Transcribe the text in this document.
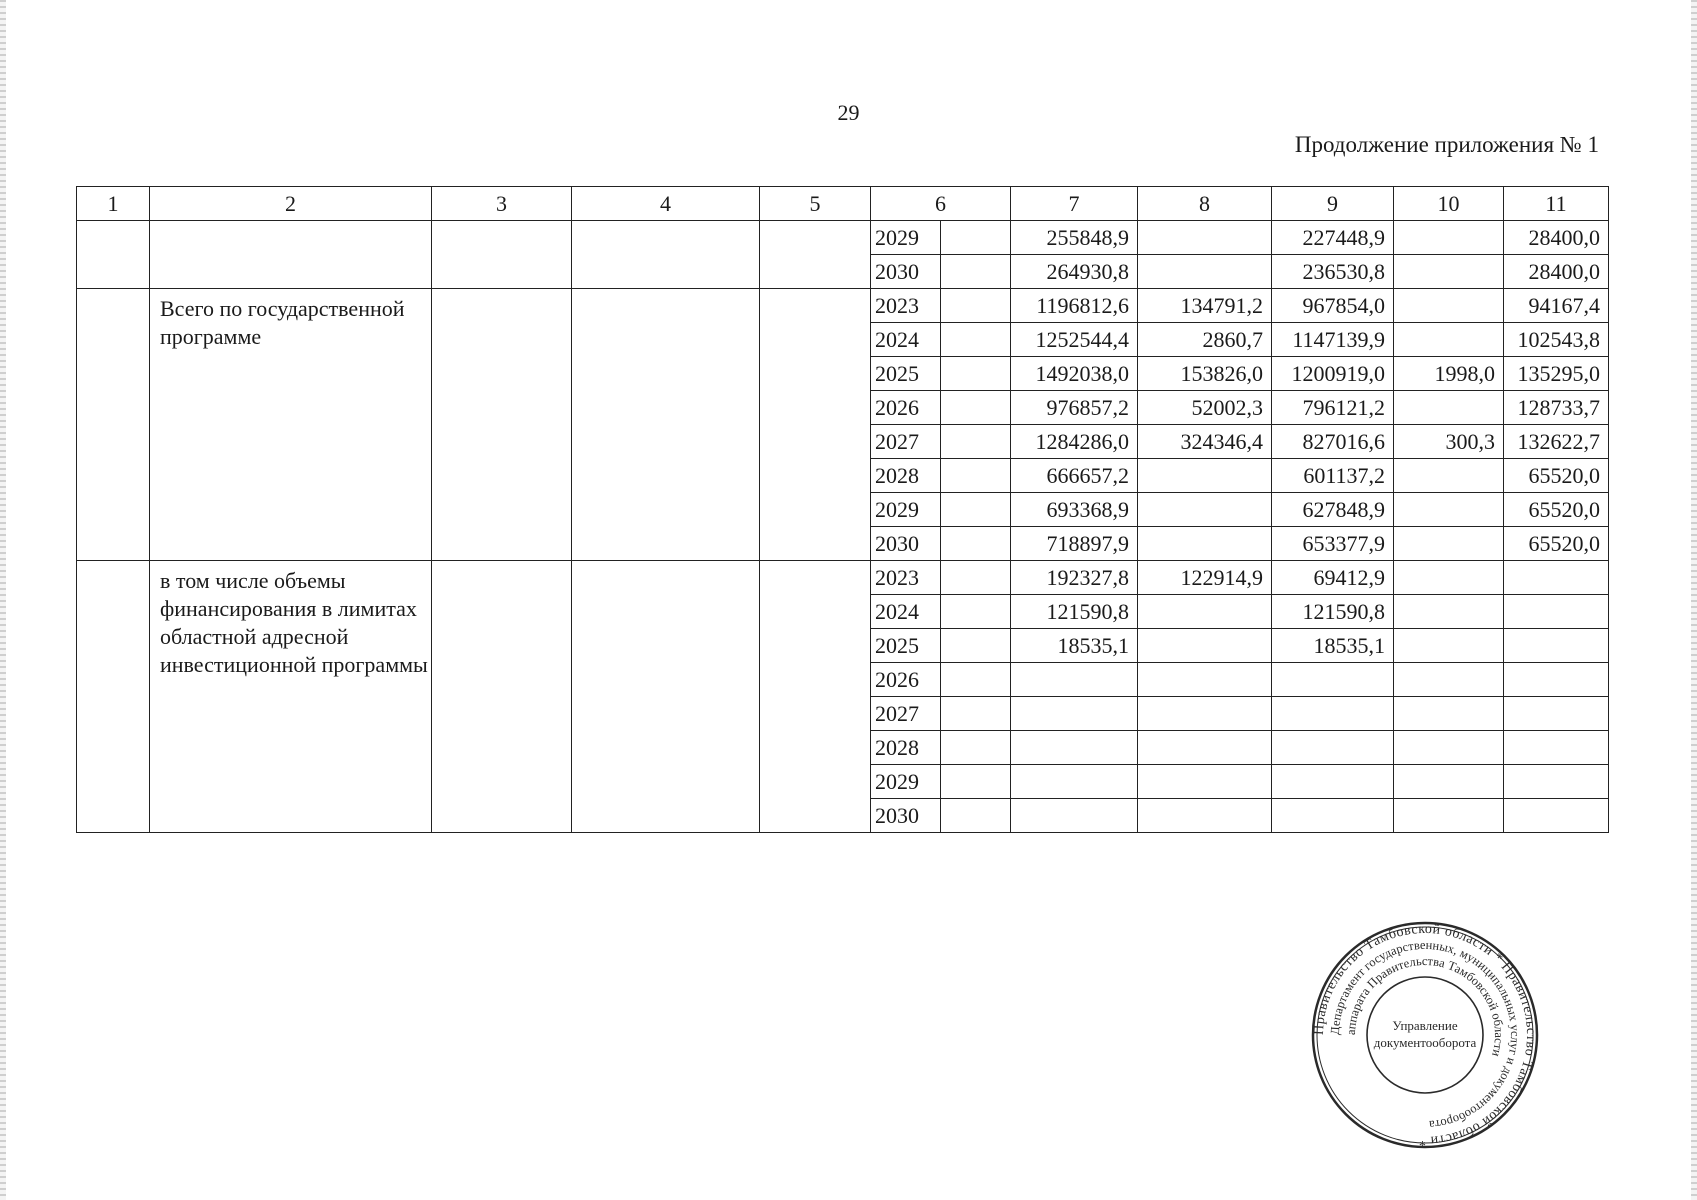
29
Продолжение приложения № 1
1	2	3	4	5	6		7	8	9	10	11
					2029		255848,9		227448,9		28400,0
					2030		264930,8		236530,8		28400,0
	Всего по государственной программе				2023		1196812,6	134791,2	967854,0		94167,4
					2024		1252544,4	2860,7	1147139,9		102543,8
					2025		1492038,0	153826,0	1200919,0	1998,0	135295,0
					2026		976857,2	52002,3	796121,2		128733,7
					2027		1284286,0	324346,4	827016,6	300,3	132622,7
					2028		666657,2		601137,2		65520,0
					2029		693368,9		627848,9		65520,0
					2030		718897,9		653377,9		65520,0
	в том числе объемы финансирования в лимитах областной адресной инвестиционной программы				2023		192327,8	122914,9	69412,9		
					2024		121590,8		121590,8		
					2025		18535,1		18535,1		
					2026						
					2027						
					2028						
					2029						
					2030						
Правительство Тамбовской области * Правительство Тамбовской области *
Департамент государственных, муниципальных услуг и документооборота
аппарата Правительства Тамбовской области
Управление
документооборота
